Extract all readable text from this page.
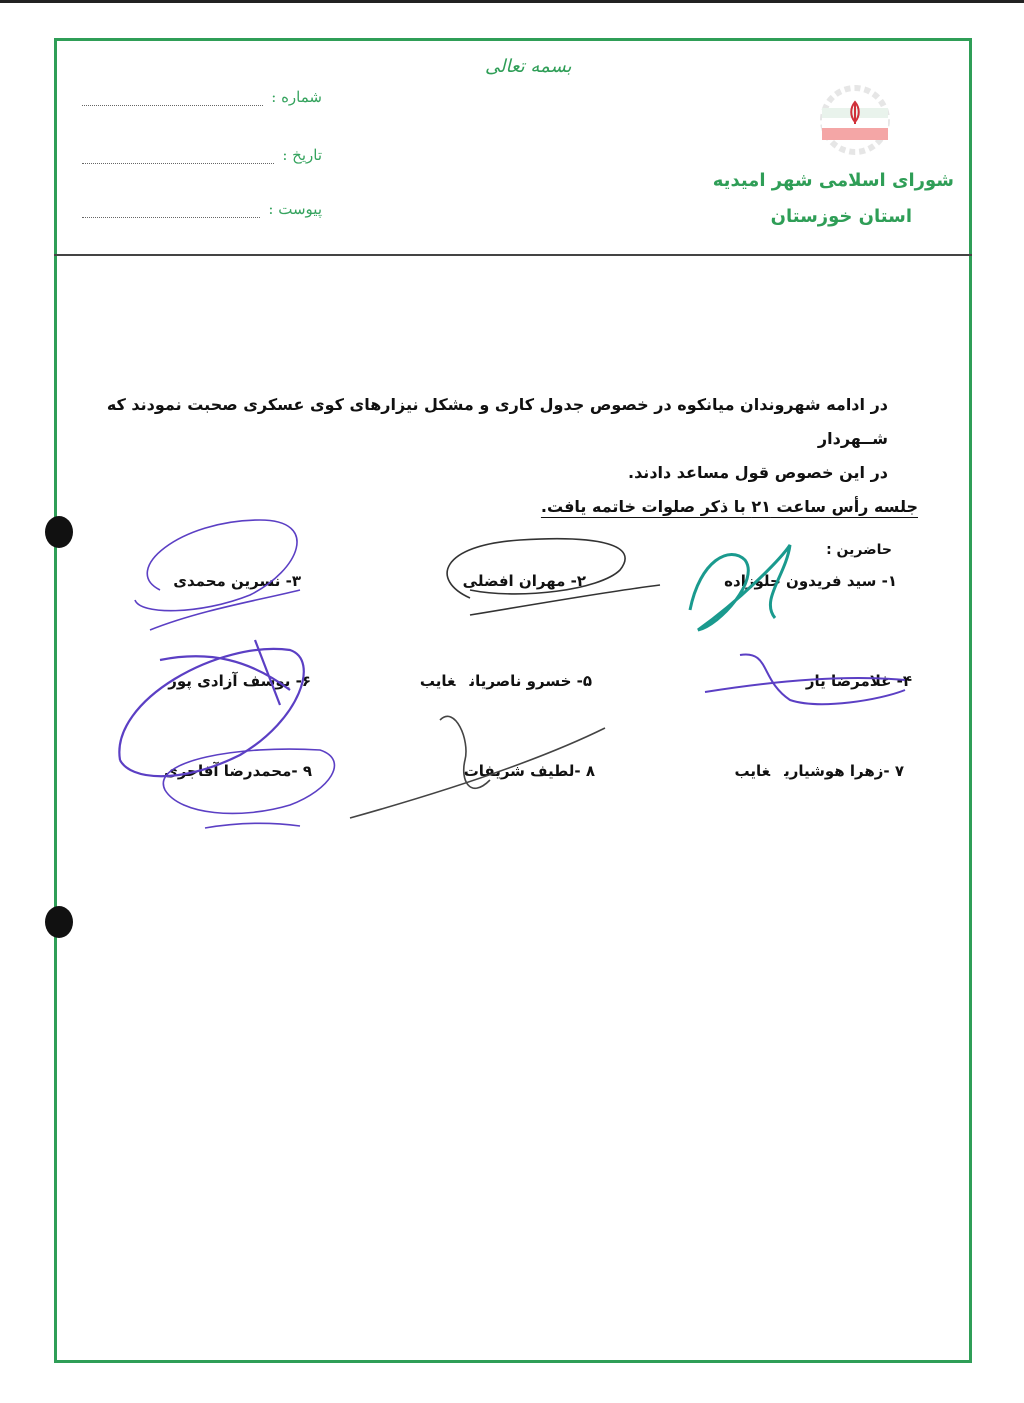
بسمه تعالی
شماره :
تاریخ :
پیوست :
شورای اسلامی شهر امیدیه
استان خوزستان
در ادامه شهروندان میانکوه در خصوص جدول کاری و مشکل نیزارهای کوی عسکری صحبت نمودند که شــهردار
در این خصوص قول مساعد دادند.
جلسه رأس ساعت ۲۱ با ذکر صلوات خاتمه یافت.
حاضرین :
۱- سید فریدون جلوزاده
۲- مهران افضلی
۳- نسرین محمدی
۴- غلامرضا یار
۵- خسرو ناصریانغایب
۶- یوسف آزادی پور
۷ -زهرا هوشیاریغایب
۸ -لطیف شریفات
۹ -محمدرضا آقاجری
